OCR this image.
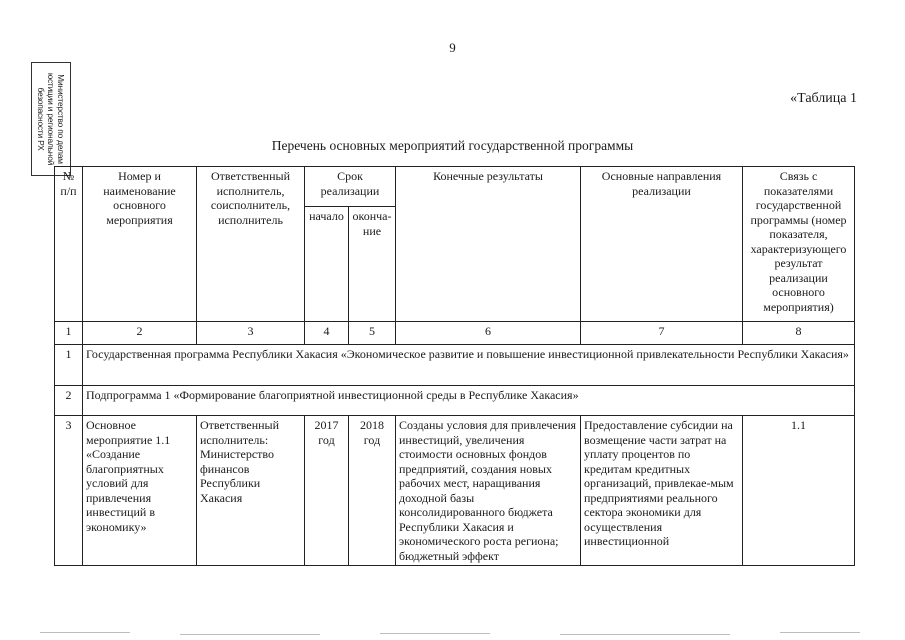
9
Министерство по делам
юстиции и региональной
безопасности РХ	«Таблица 1
Перечень основных мероприятий государственной программы
№ п/п	Номер и наименование основного мероприятия	Ответственный исполнитель, соисполнитель, исполнитель	Срок реализации		Конечные результаты	Основные направления реализации	Связь с показателями государственной программы (номер показателя, характеризующего результат реализации основного мероприятия)
			начало	оконча-ние			
1	2	3	4	5	6	7	8
1	Государственная программа Республики Хакасия «Экономическое развитие и повышение инвестиционной привлекательности Республики Хакасия»						
2	Подпрограмма 1 «Формирование благоприятной инвестиционной среды в Республике Хакасия»						
3	Основное мероприятие 1.1 «Создание благоприятных условий для привлечения инвестиций в экономику»	Ответственный исполнитель: Министерство финансов Республики Хакасия	2017 год	2018 год	Созданы условия для привлечения инвестиций, увеличения стоимости основных фондов предприятий, создания новых рабочих мест, наращивания доходной базы консолидированного бюджета Республики Хакасия и экономического роста региона; бюджетный эффект	Предоставление субсидии на возмещение части затрат на уплату процентов по кредитам кредитных организаций, привлекае-мым предприятиями реального сектора экономики для осуществления инвестиционной	1.1
